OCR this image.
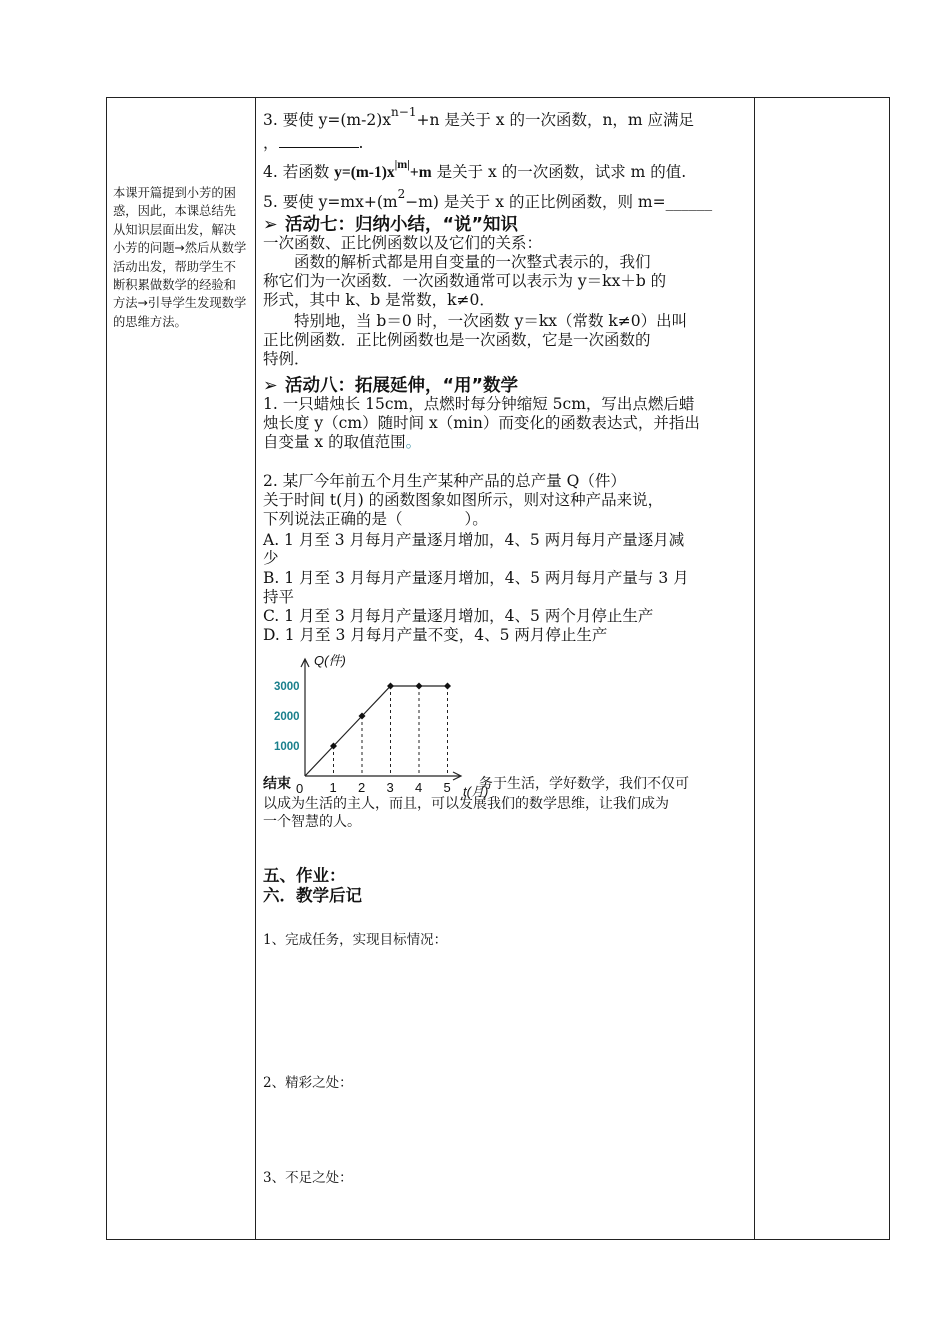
本课开篇提到小芳的困惑，因此，本课总结先从知识层面出发，解决小芳的问题→然后从数学活动出发，帮助学生不断积累做数学的经验和方法→引导学生发现数学的思维方法。
3. 要使 $y=(m-2)x^{n-1}+n$ 是关于 x 的一次函数，n，m 应满足
，	.
4. 若函数 $y=(m-1)x^{|m|}+m$ 是关于 x 的一次函数，试求 m 的值.
5. 要使 $y=mx+(m^2-m)$ 是关于 x 的正比例函数，则 m=______
➢ 活动七：归纳小结，“说”知识
一次函数、正比例函数以及它们的关系：
　　函数的解析式都是用自变量的一次整式表示的，我们
称它们为一次函数．一次函数通常可以表示为 y＝kx＋b 的
形式，其中 k、b 是常数，k≠0．
　　特别地，当 b＝0 时，一次函数 y＝kx（常数 k≠0）出叫
正比例函数．正比例函数也是一次函数，它是一次函数的
特例．
➢ 活动八：拓展延伸，“用”数学
1. 一只蜡烛长 15cm，点燃时每分钟缩短 5cm，写出点燃后蜡
烛长度 y（cm）随时间 x（min）而变化的函数表达式，并指出
自变量 x 的取值范围。
2. 某厂今年前五个月生产某种产品的总产量 Q（件）
关于时间 t(月) 的函数图象如图所示，则对这种产品来说，
下列说法正确的是（　　　　）。
A. 1 月至 3 月每月产量逐月增加，4、5 两月每月产量逐月减
少
B. 1 月至 3 月每月产量逐月增加，4、5 两月每月产量与 3 月
持平
C. 1 月至 3 月每月产量逐月增加，4、5 两个月停止生产
D. 1 月至 3 月每月产量不变，4、5 两月停止生产
结束	务于生活，学好数学，我们不仅可
以成为生活的主人，而且，可以发展我们的数学思维，让我们成为
一个智慧的人。
五、作业：
六．教学后记
1、完成任务，实现目标情况：
2、精彩之处：
3、不足之处：
Q(件)
t(月)
0
1000
2000
3000
1 2 3 4 5
